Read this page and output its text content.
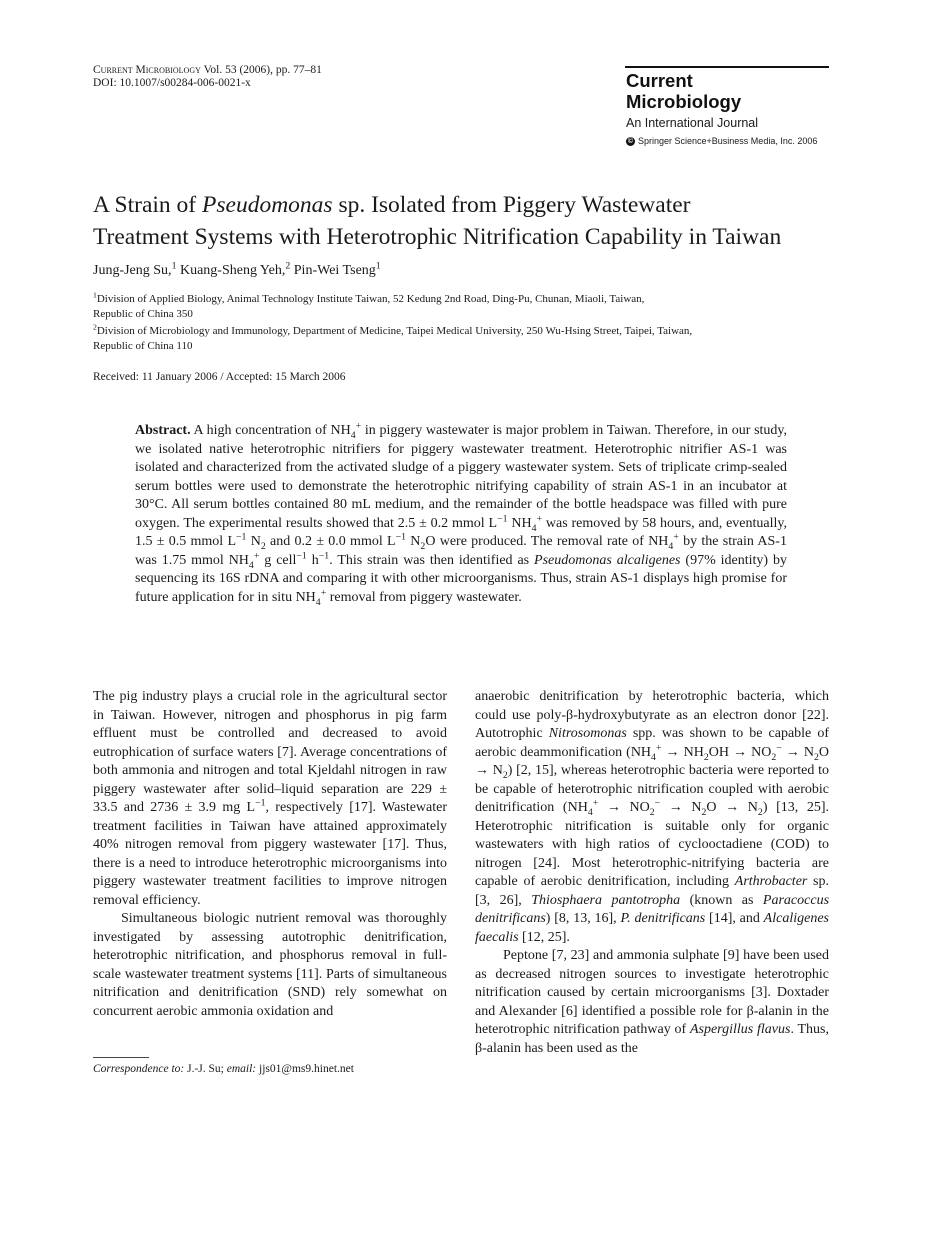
Current Microbiology Vol. 53 (2006), pp. 77–81
DOI: 10.1007/s00284-006-0021-x	Current
Microbiology
An International Journal
© Springer Science+Business Media, Inc. 2006
A Strain of Pseudomonas sp. Isolated from Piggery Wastewater
Treatment Systems with Heterotrophic Nitrification Capability in Taiwan
Jung-Jeng Su,$^1$ Kuang-Sheng Yeh,$^2$ Pin-Wei Tseng$^1$
$^1$Division of Applied Biology, Animal Technology Institute Taiwan, 52 Kedung 2nd Road, Ding-Pu, Chunan, Miaoli, Taiwan,
Republic of China 350
$^2$Division of Microbiology and Immunology, Department of Medicine, Taipei Medical University, 250 Wu-Hsing Street, Taipei, Taiwan,
Republic of China 110
Received: 11 January 2006 / Accepted: 15 March 2006
Abstract. A high concentration of $NH_4^+$ in piggery wastewater is major problem in Taiwan. Therefore, in our study, we isolated native heterotrophic nitrifiers for piggery wastewater treatment. Heterotrophic nitrifier AS-1 was isolated and characterized from the activated sludge of a piggery wastewater system. Sets of triplicate crimp-sealed serum bottles were used to demonstrate the heterotrophic nitrifying capability of strain AS-1 in an incubator at 30°C. All serum bottles contained 80 mL medium, and the remainder of the bottle headspace was filled with pure oxygen. The experimental results showed that 2.5 ± 0.2 mmol $L^{-1}$ $NH_4^+$ was removed by 58 hours, and, eventually, 1.5 ± 0.5 mmol $L^{-1}$ $N_2$ and 0.2 ± 0.0 mmol $L^{-1}$ $N_2O$ were produced. The removal rate of $NH_4^+$ by the strain AS-1 was 1.75 mmol $NH_4^+$ g cell$^{-1}$ $h^{-1}$. This strain was then identified as Pseudomonas alcaligenes (97% identity) by sequencing its 16S rDNA and comparing it with other microorganisms. Thus, strain AS-1 displays high promise for future application for in situ $NH_4^+$ removal from piggery wastewater.

The pig industry plays a crucial role in the agricultural sector in Taiwan. However, nitrogen and phosphorus in pig farm effluent must be controlled and decreased to avoid eutrophication of surface waters [7]. Average concentrations of both ammonia and nitrogen and total Kjeldahl nitrogen in raw piggery wastewater after solid–liquid separation are 229 ± 33.5 and 2736 ± 3.9 mg $L^{-1}$, respectively [17]. Wastewater treatment facilities in Taiwan have attained approximately 40% nitrogen removal from piggery wastewater [17]. Thus, there is a need to introduce heterotrophic microorganisms into piggery wastewater treatment facilities to improve nitrogen removal efficiency.

Simultaneous biologic nutrient removal was thoroughly investigated by assessing autotrophic denitrification, heterotrophic nitrification, and phosphorus removal in full-scale wastewater treatment systems [11]. Parts of simultaneous nitrification and denitrification (SND) rely somewhat on concurrent aerobic ammonia oxidation and

anaerobic denitrification by heterotrophic bacteria, which could use poly-β-hydroxybutyrate as an electron donor [22]. Autotrophic Nitrosomonas spp. was shown to be capable of aerobic deammonification $(NH_4^+ \to NH_2OH \to NO_2^- \to N_2O \to N_2)$ [2, 15], whereas heterotrophic bacteria were reported to be capable of heterotrophic nitrification coupled with aerobic denitrification $(NH_4^+ \to NO_2^- \to N_2O \to N_2)$ [13, 25]. Heterotrophic nitrification is suitable only for organic wastewaters with high ratios of cyclooctadiene (COD) to nitrogen [24]. Most heterotrophic-nitrifying bacteria are capable of aerobic denitrification, including Arthrobacter sp. [3, 26], Thiosphaera pantotropha (known as Paracoccus denitrificans) [8, 13, 16], P. denitrificans [14], and Alcaligenes faecalis [12, 25].

Peptone [7, 23] and ammonia sulphate [9] have been used as decreased nitrogen sources to investigate heterotrophic nitrification caused by certain microorganisms [3]. Doxtader and Alexander [6] identified a possible role for β-alanin in the heterotrophic nitrification pathway of Aspergillus flavus. Thus, β-alanin has been used as the

Correspondence to: J.-J. Su; email: jjs01@ms9.hinet.net
